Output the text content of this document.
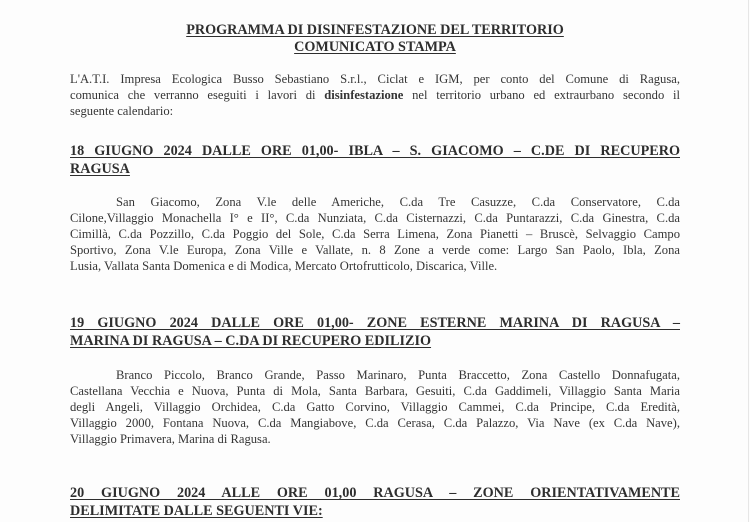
PROGRAMMA DI DISINFESTAZIONE DEL TERRITORIO
COMUNICATO STAMPA
L'A.T.I. Impresa Ecologica Busso Sebastiano S.r.l., Ciclat e IGM, per conto del Comune di Ragusa,
comunica che verranno eseguiti i lavori di disinfestazione nel territorio urbano ed extraurbano secondo il
seguente calendario:
18 GIUGNO 2024 DALLE ORE 01,00- IBLA – S. GIACOMO – C.DE DI RECUPERO
RAGUSA
San Giacomo, Zona V.le delle Americhe, C.da Tre Casuzze, C.da Conservatore, C.da
Cilone,Villaggio Monachella I° e II°, C.da Nunziata, C.da Cisternazzi, C.da Puntarazzi, C.da Ginestra, C.da
Cimillà, C.da Pozzillo, C.da Poggio del Sole, C.da Serra Limena, Zona Pianetti – Bruscè, Selvaggio Campo
Sportivo, Zona V.le Europa, Zona Ville e Vallate, n. 8 Zone a verde come: Largo San Paolo, Ibla, Zona
Lusia, Vallata Santa Domenica e di Modica, Mercato Ortofrutticolo, Discarica, Ville.
19 GIUGNO 2024 DALLE ORE 01,00- ZONE ESTERNE MARINA DI RAGUSA –
MARINA DI RAGUSA – C.DA DI RECUPERO EDILIZIO
Branco Piccolo, Branco Grande, Passo Marinaro, Punta Braccetto, Zona Castello Donnafugata,
Castellana Vecchia e Nuova, Punta di Mola, Santa Barbara, Gesuiti, C.da Gaddimeli, Villaggio Santa Maria
degli Angeli, Villaggio Orchidea, C.da Gatto Corvino, Villaggio Cammei, C.da Principe, C.da Eredità,
Villaggio 2000, Fontana Nuova, C.da Mangiabove, C.da Cerasa, C.da Palazzo, Via Nave (ex C.da Nave),
Villaggio Primavera, Marina di Ragusa.
20 GIUGNO 2024 ALLE ORE 01,00 RAGUSA – ZONE ORIENTATIVAMENTE
DELIMITATE DALLE SEGUENTI VIE:
